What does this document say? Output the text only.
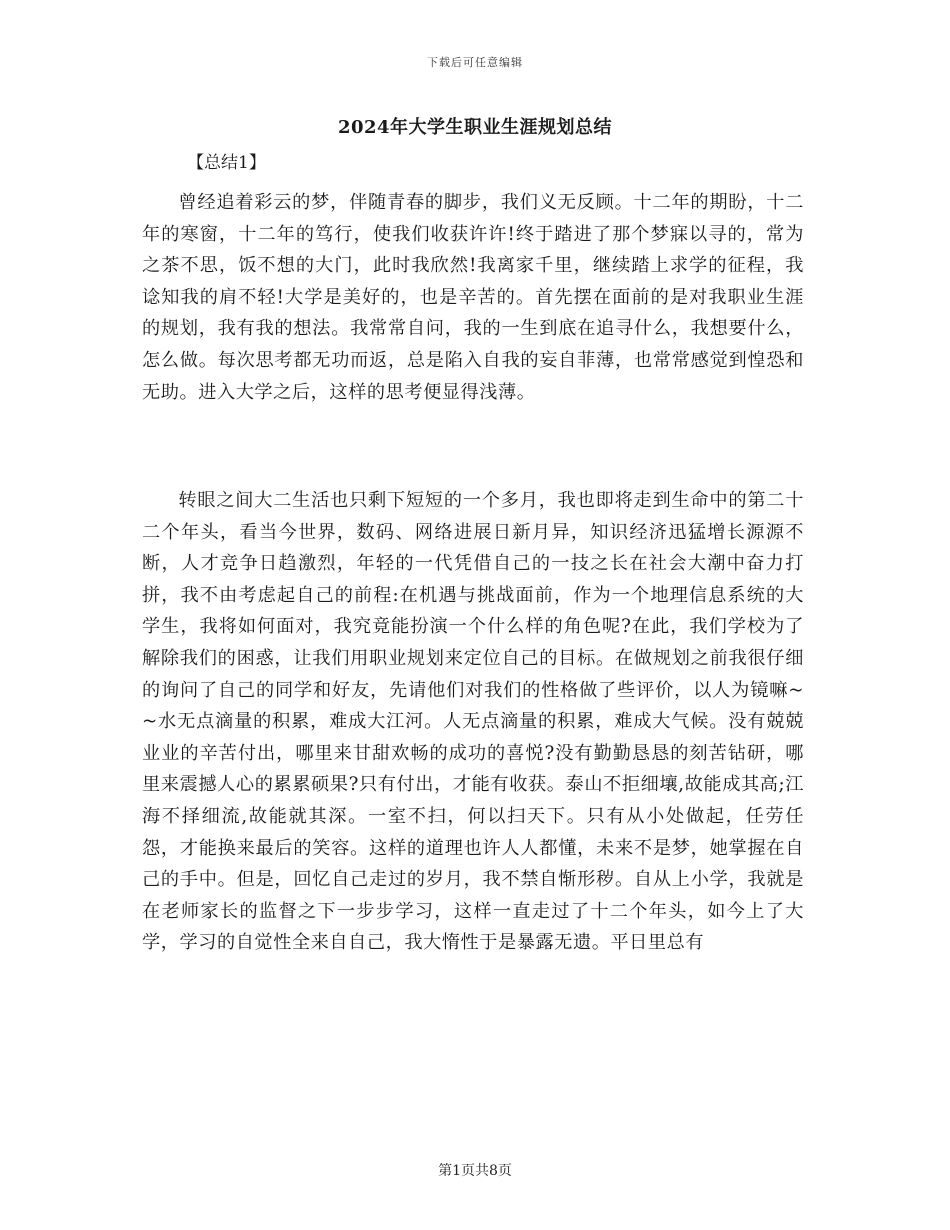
下载后可任意编辑
2024年大学生职业生涯规划总结
【总结1】

曾经追着彩云的梦，伴随青春的脚步，我们义无反顾。十二年的期盼，十二年的寒窗，十二年的笃行，使我们收获许许!终于踏进了那个梦寐以寻的，常为之茶不思，饭不想的大门，此时我欣然!我离家千里，继续踏上求学的征程，我谂知我的肩不轻!大学是美好的，也是辛苦的。首先摆在面前的是对我职业生涯的规划，我有我的想法。我常常自问，我的一生到底在追寻什么，我想要什么，怎么做。每次思考都无功而返，总是陷入自我的妄自菲薄，也常常感觉到惶恐和无助。进入大学之后，这样的思考便显得浅薄。

转眼之间大二生活也只剩下短短的一个多月，我也即将走到生命中的第二十二个年头，看当今世界，数码、网络进展日新月异，知识经济迅猛增长源源不断，人才竞争日趋激烈，年轻的一代凭借自己的一技之长在社会大潮中奋力打拼，我不由考虑起自己的前程:在机遇与挑战面前，作为一个地理信息系统的大学生，我将如何面对，我究竟能扮演一个什么样的角色呢?在此，我们学校为了解除我们的困惑，让我们用职业规划来定位自己的目标。在做规划之前我很仔细的询问了自己的同学和好友，先请他们对我们的性格做了些评价，以人为镜嘛~~水无点滴量的积累，难成大江河。人无点滴量的积累，难成大气候。没有兢兢业业的辛苦付出，哪里来甘甜欢畅的成功的喜悦?没有勤勤恳恳的刻苦钻研，哪里来震撼人心的累累硕果?只有付出，才能有收获。泰山不拒细壤,故能成其高;江海不择细流,故能就其深。一室不扫，何以扫天下。只有从小处做起，任劳任怨，才能换来最后的笑容。这样的道理也许人人都懂，未来不是梦，她掌握在自己的手中。但是，回忆自己走过的岁月，我不禁自惭形秽。自从上小学，我就是在老师家长的监督之下一步步学习，这样一直走过了十二个年头，如今上了大学，学习的自觉性全来自自己，我大惰性于是暴露无遗。平日里总有

第1页共8页
